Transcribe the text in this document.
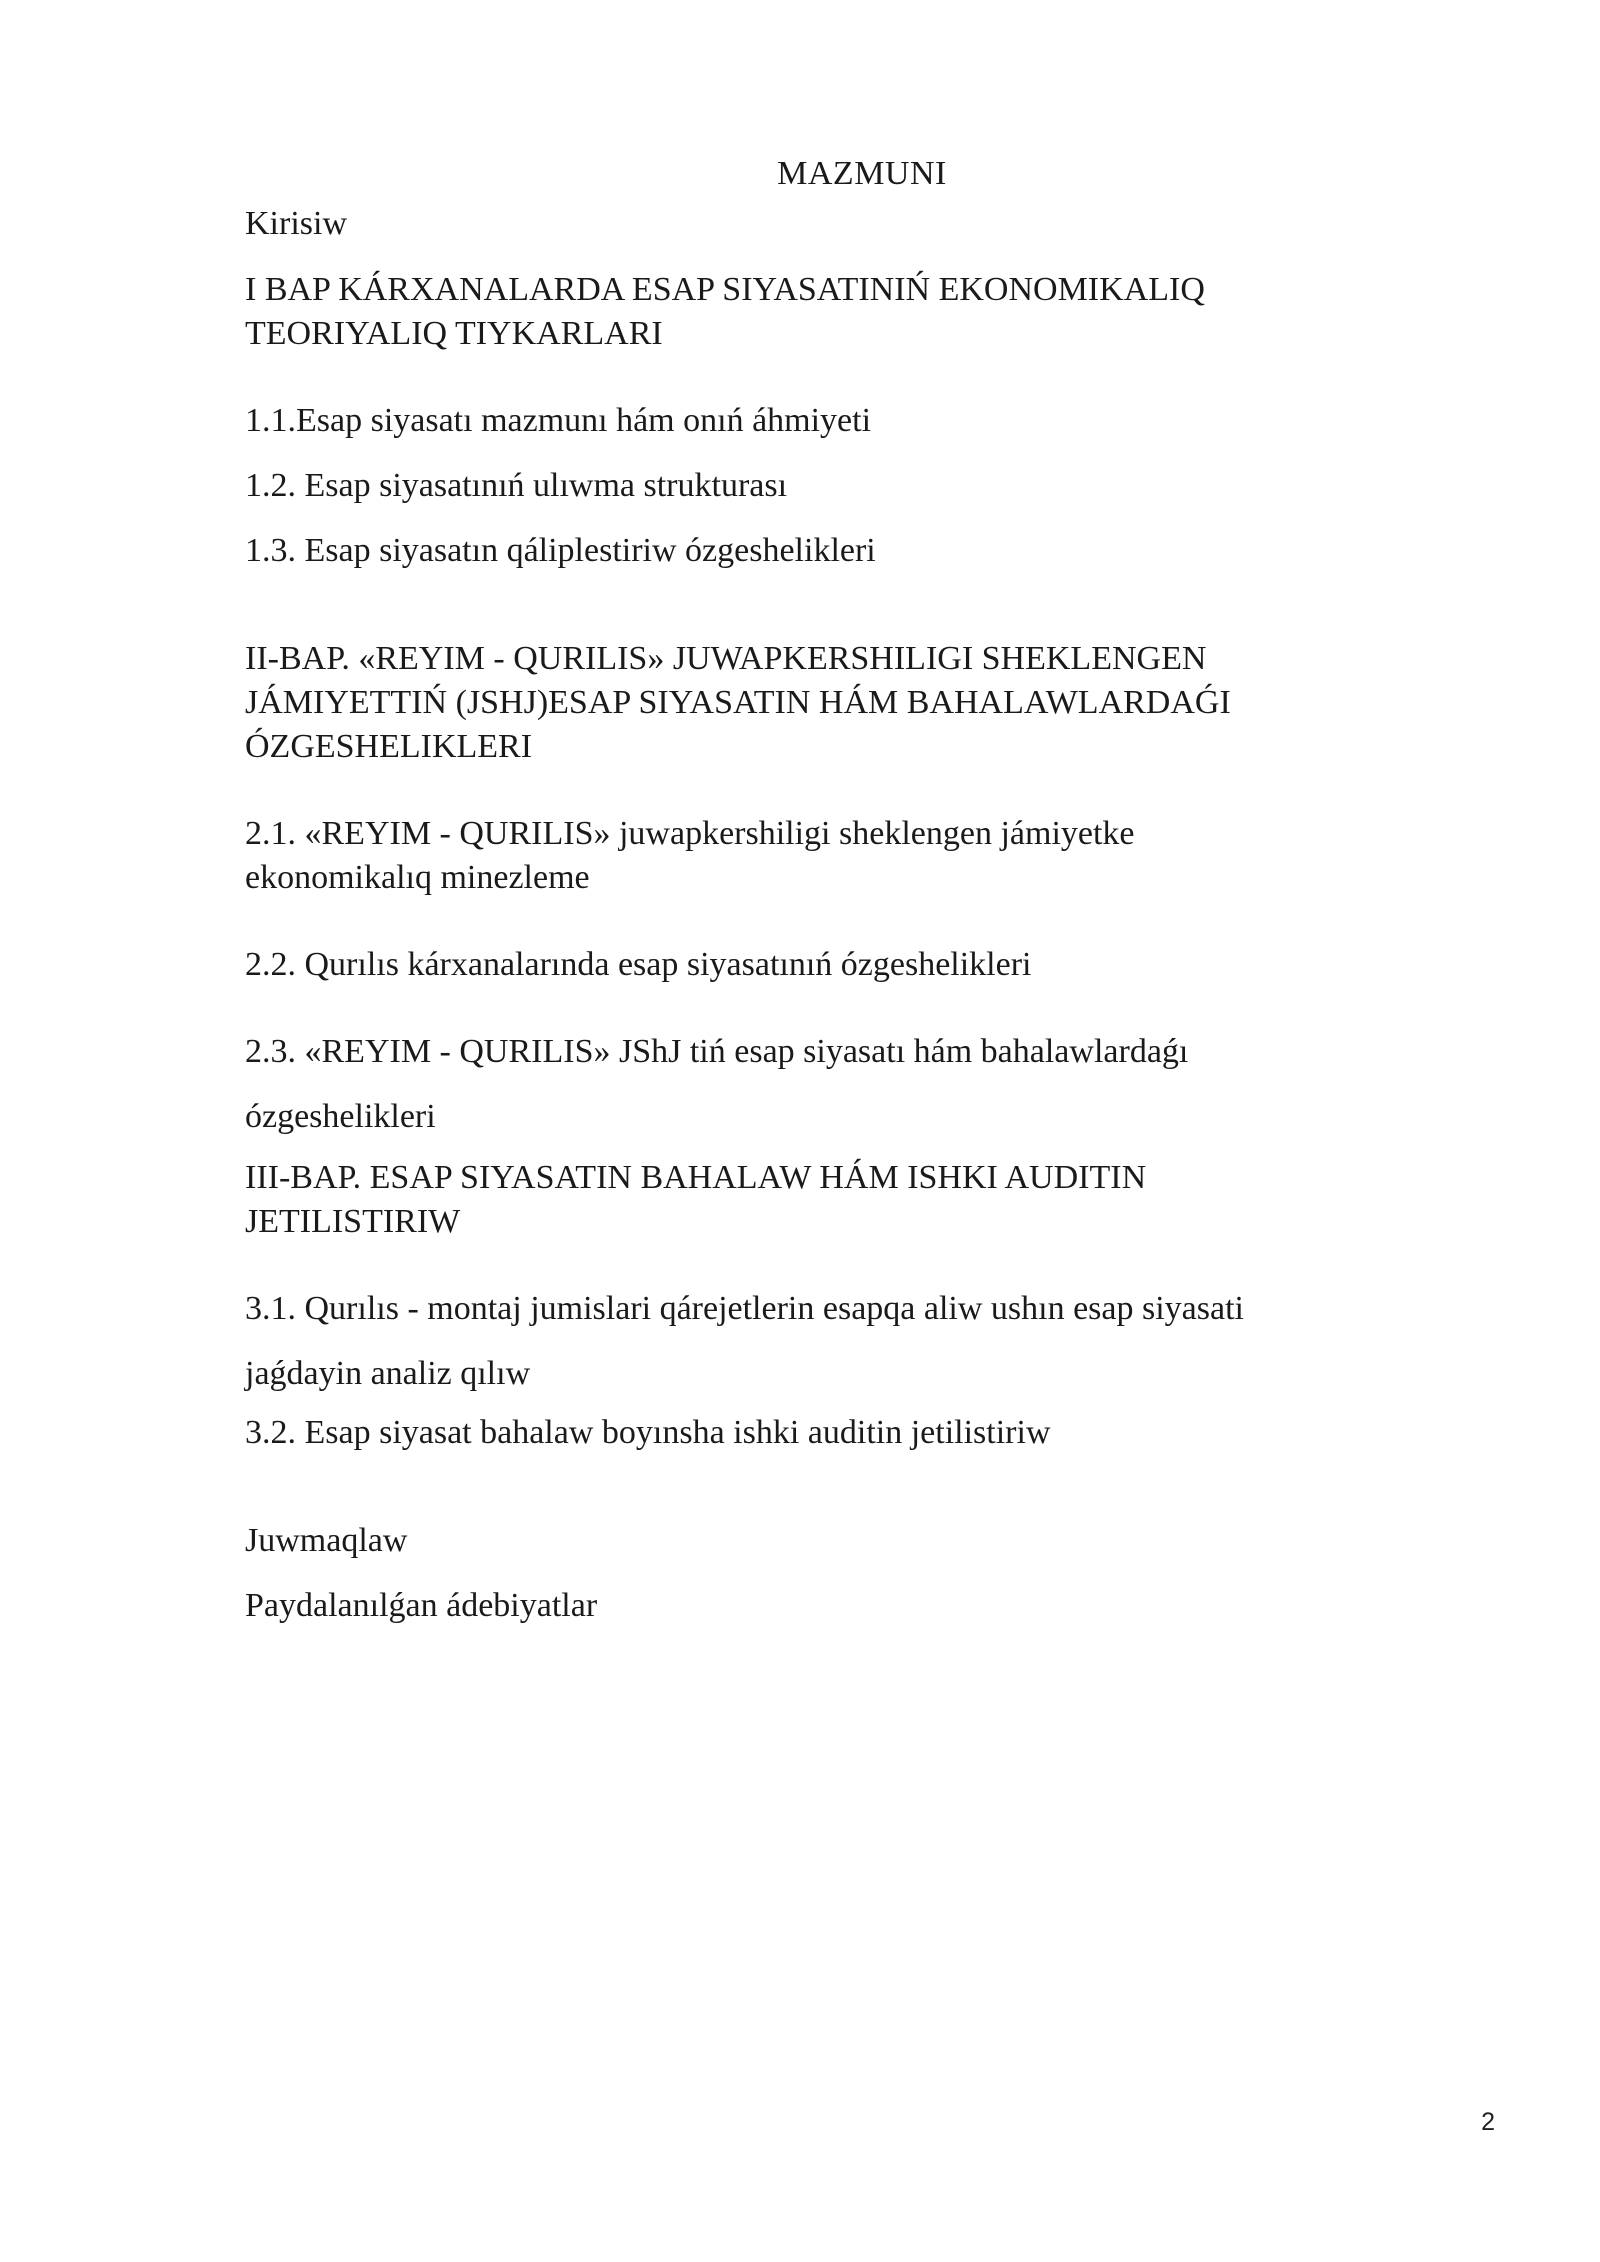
MAZMUNI

Kirisiw

I BAP KÁRXANALARDA ESAP SIYASATINIŃ EKONOMIKALIQ
TEORIYALIQ TIYKARLARI

1.1.Esap siyasatı mazmunı hám onıń áhmiyeti

1.2. Esap siyasatınıń ulıwma strukturası

1.3. Esap siyasatın qáliplestiriw ózgeshelikleri

II-BAP. «REYIM - QURILIS» JUWAPKERSHILIGI SHEKLENGEN
JÁMIYETTIŃ (JSHJ)ESAP SIYASATIN HÁM BAHALAWLARDAǴI
ÓZGESHELIKLERI
2.1. «REYIM - QURILIS» juwapkershiligi sheklengen jámiyetke
ekonomikalıq minezleme

2.2. Qurılıs kárxanalarında esap siyasatınıń ózgeshelikleri

2.3. «REYIM - QURILIS» JShJ tiń esap siyasatı hám bahalawlardaǵı

ózgeshelikleri

III-BAP. ESAP SIYASATIN BAHALAW HÁM ISHKI AUDITIN
JETILISTIRIW

3.1. Qurılıs - montaj jumislari qárejetlerin esapqa aliw ushın esap siyasati

jaǵdayin analiz qılıw

3.2. Esap siyasat bahalaw boyınsha ishki auditin jetilistiriw

Juwmaqlaw

Paydalanılǵan ádebiyatlar

2
